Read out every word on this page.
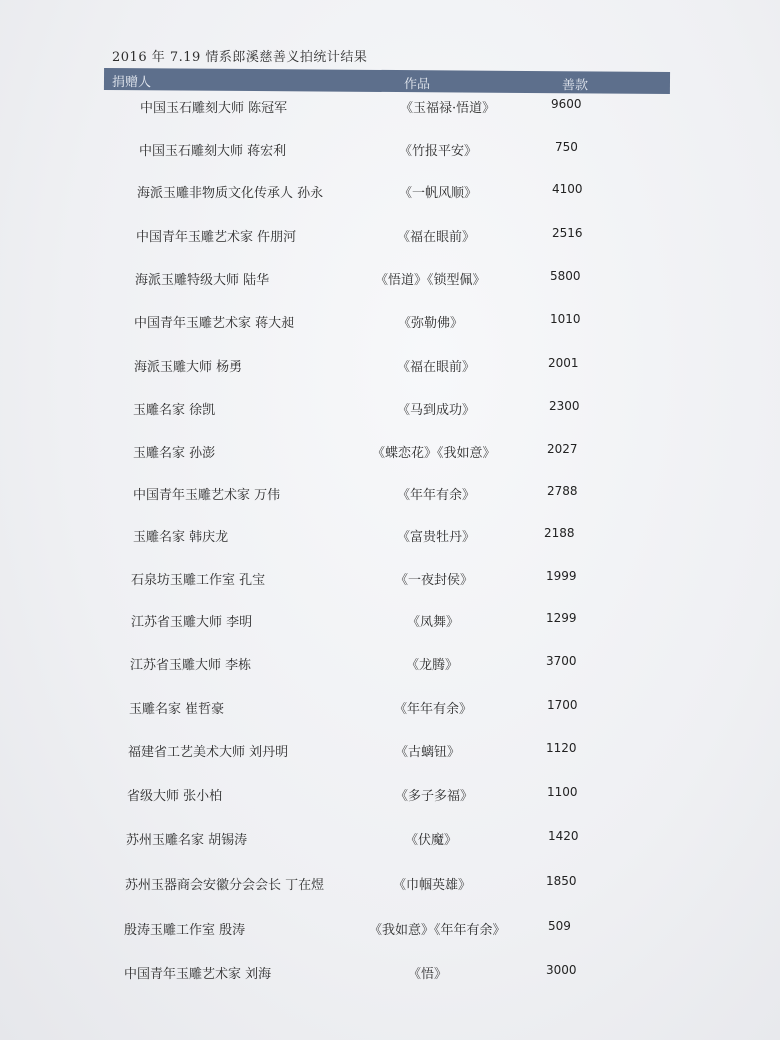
2016 年 7.19 情系郎溪慈善义拍统计结果
捐赠人	作品	善款
中国玉石雕刻大师 陈冠军	《玉福禄·悟道》	9600
中国玉石雕刻大师 蒋宏利	《竹报平安》	750
海派玉雕非物质文化传承人 孙永	《一帆风顺》	4100
中国青年玉雕艺术家 仵朋河	《福在眼前》	2516
海派玉雕特级大师 陆华	《悟道》《锁型佩》	5800
中国青年玉雕艺术家 蒋大昶	《弥勒佛》	1010
海派玉雕大师 杨勇	《福在眼前》	2001
玉雕名家 徐凯	《马到成功》	2300
玉雕名家 孙澎	《蝶恋花》《我如意》	2027
中国青年玉雕艺术家 万伟	《年年有余》	2788
玉雕名家 韩庆龙	《富贵牡丹》	2188
石泉坊玉雕工作室 孔宝	《一夜封侯》	1999
江苏省玉雕大师 李明	《凤舞》	1299
江苏省玉雕大师 李栋	《龙腾》	3700
玉雕名家 崔哲豪	《年年有余》	1700
福建省工艺美术大师 刘丹明	《古螭钮》	1120
省级大师 张小柏	《多子多福》	1100
苏州玉雕名家 胡锡涛	《伏魔》	1420
苏州玉器商会安徽分会会长 丁在煜	《巾帼英雄》	1850
殷涛玉雕工作室 殷涛	《我如意》《年年有余》	509
中国青年玉雕艺术家 刘海	《悟》	3000
